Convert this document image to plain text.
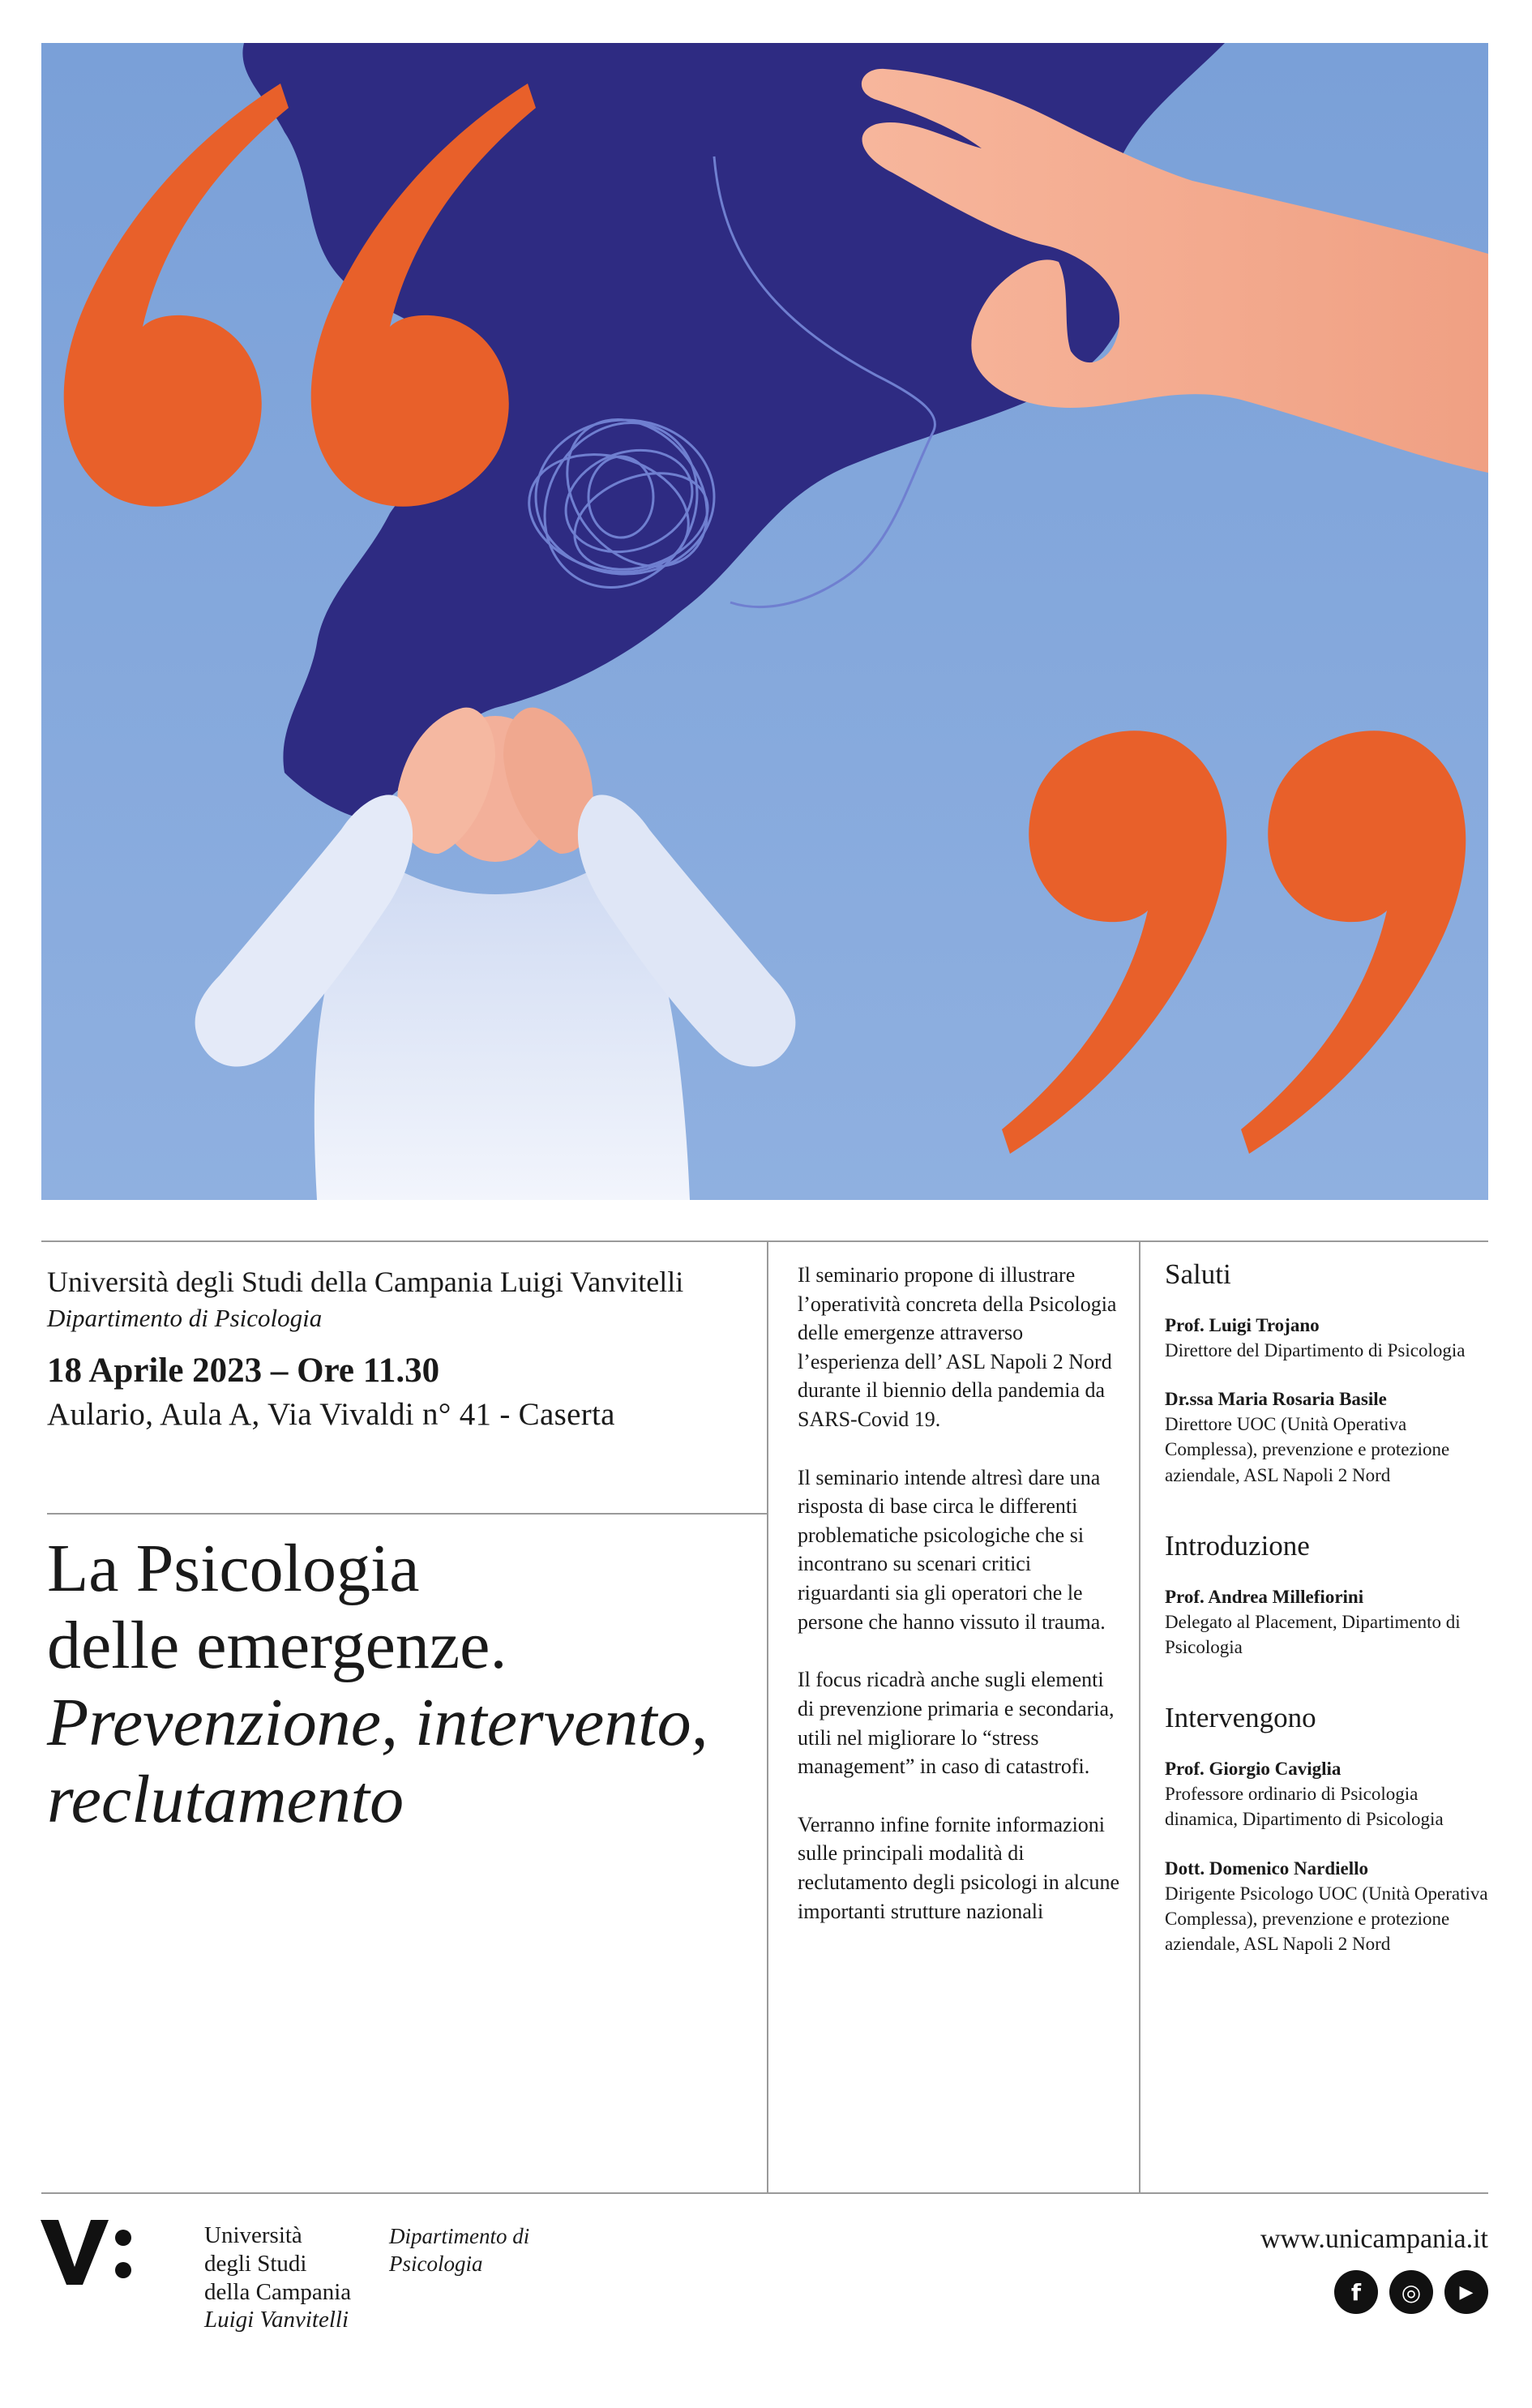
Università degli Studi della Campania Luigi Vanvitelli

Dipartimento di Psicologia

18 Aprile 2023 – Ore 11.30

Aulario, Aula A, Via Vivaldi n° 41 - Caserta

La Psicologia
delle emergenze.
Prevenzione, intervento,
reclutamento

Il seminario propone di illustrare l’operatività concreta della Psicologia delle emergenze attraverso l’esperienza dell’ ASL Napoli 2 Nord durante il biennio della pandemia da SARS-Covid 19.

Il seminario intende altresì dare una risposta di base circa le differenti problematiche psicologiche che si incontrano su scenari critici riguardanti sia gli operatori che le persone che hanno vissuto il trauma.

Il focus ricadrà anche sugli elementi di prevenzione primaria e secondaria, utili nel migliorare lo “stress management” in caso di catastrofi.

Verranno infine fornite informazioni sulle principali modalità di reclutamento degli psicologi in alcune importanti strutture nazionali

Saluti
Prof. Luigi Trojano
Direttore del Dipartimento di Psicologia
Dr.ssa Maria Rosaria Basile
Direttore UOC (Unità Operativa Complessa), prevenzione e protezione aziendale, ASL Napoli 2 Nord
Introduzione
Prof. Andrea Millefiorini
Delegato al Placement, Dipartimento di Psicologia
Intervengono
Prof. Giorgio Caviglia
Professore ordinario di Psicologia dinamica, Dipartimento di Psicologia
Dott. Domenico Nardiello
Dirigente Psicologo UOC (Unità Operativa Complessa), prevenzione e protezione aziendale, ASL Napoli 2 Nord
Università
degli Studi
della Campania
Luigi Vanvitelli
Dipartimento di
Psicologia

www.unicampania.it

f	◎	▶
